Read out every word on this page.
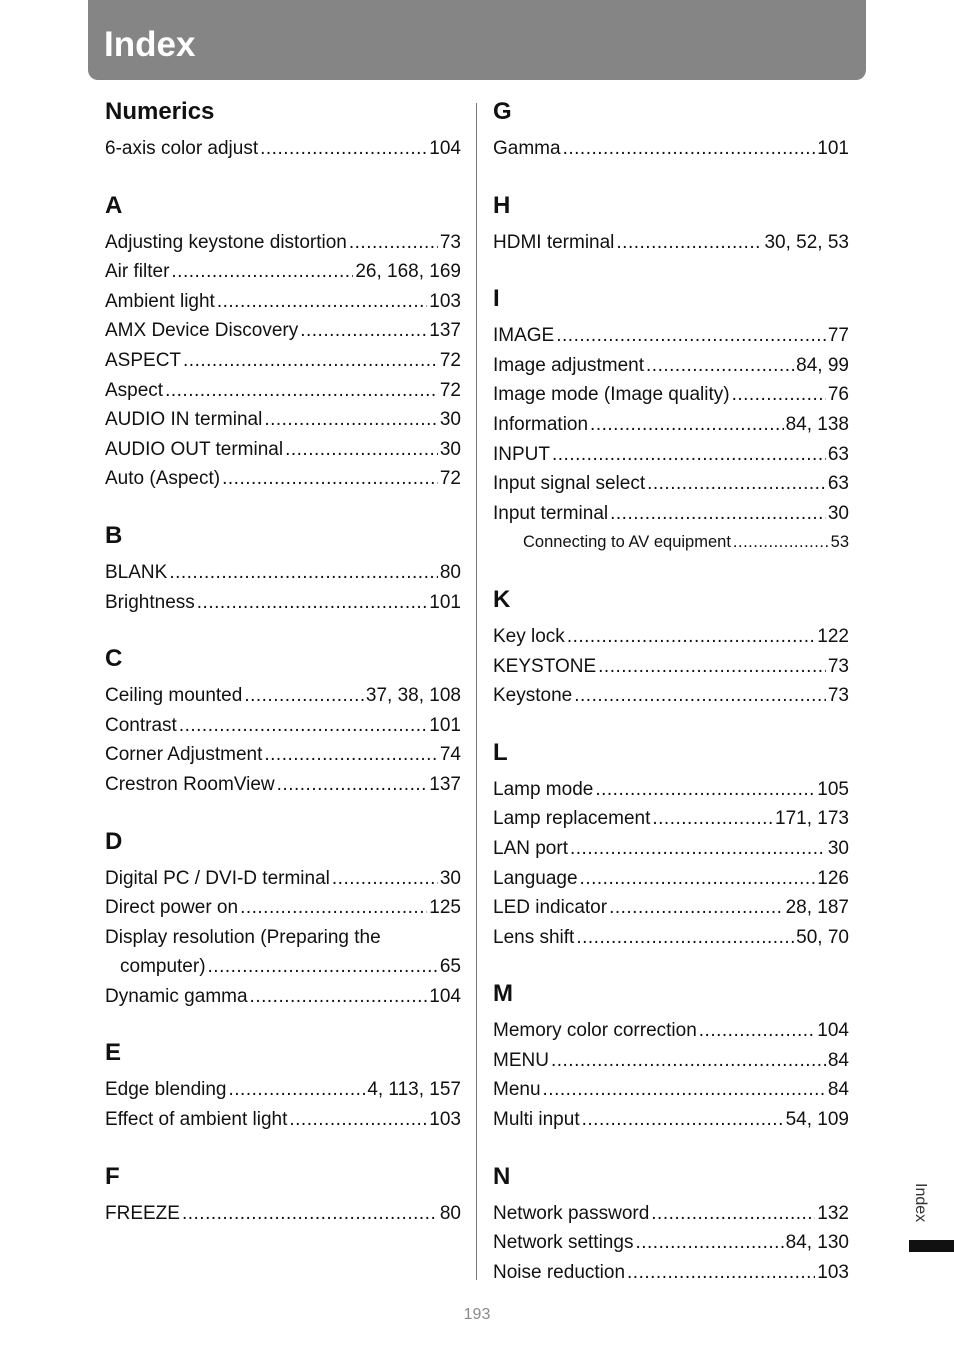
Index
Numerics
6-axis color adjust .....	104
A
Adjusting keystone distortion .....	73
Air filter .....	26, 168, 169
Ambient light .....	103
AMX Device Discovery .....	137
ASPECT .....	72
Aspect .....	72
AUDIO IN terminal .....	30
AUDIO OUT terminal .....	30
Auto (Aspect) .....	72
B
BLANK .....	80
Brightness .....	101
C
Ceiling mounted .....	37, 38, 108
Contrast .....	101
Corner Adjustment .....	74
Crestron RoomView .....	137
D
Digital PC / DVI-D terminal .....	30
Direct power on .....	125
Display resolution (Preparing the
computer) .....	65
Dynamic gamma .....	104
E
Edge blending .....	4, 113, 157
Effect of ambient light .....	103
F
FREEZE .....	80
G
Gamma .....	101
H
HDMI terminal .....	30, 52, 53
I
IMAGE .....	77
Image adjustment .....	84, 99
Image mode (Image quality) .....	76
Information .....	84, 138
INPUT .....	63
Input signal select .....	63
Input terminal .....	30
Connecting to AV equipment .....	53
K
Key lock .....	122
KEYSTONE .....	73
Keystone .....	73
L
Lamp mode .....	105
Lamp replacement .....	171, 173
LAN port .....	30
Language .....	126
LED indicator .....	28, 187
Lens shift .....	50, 70
M
Memory color correction .....	104
MENU .....	84
Menu .....	84
Multi input .....	54, 109
N
Network password .....	132
Network settings .....	84, 130
Noise reduction .....	103
Index
193
